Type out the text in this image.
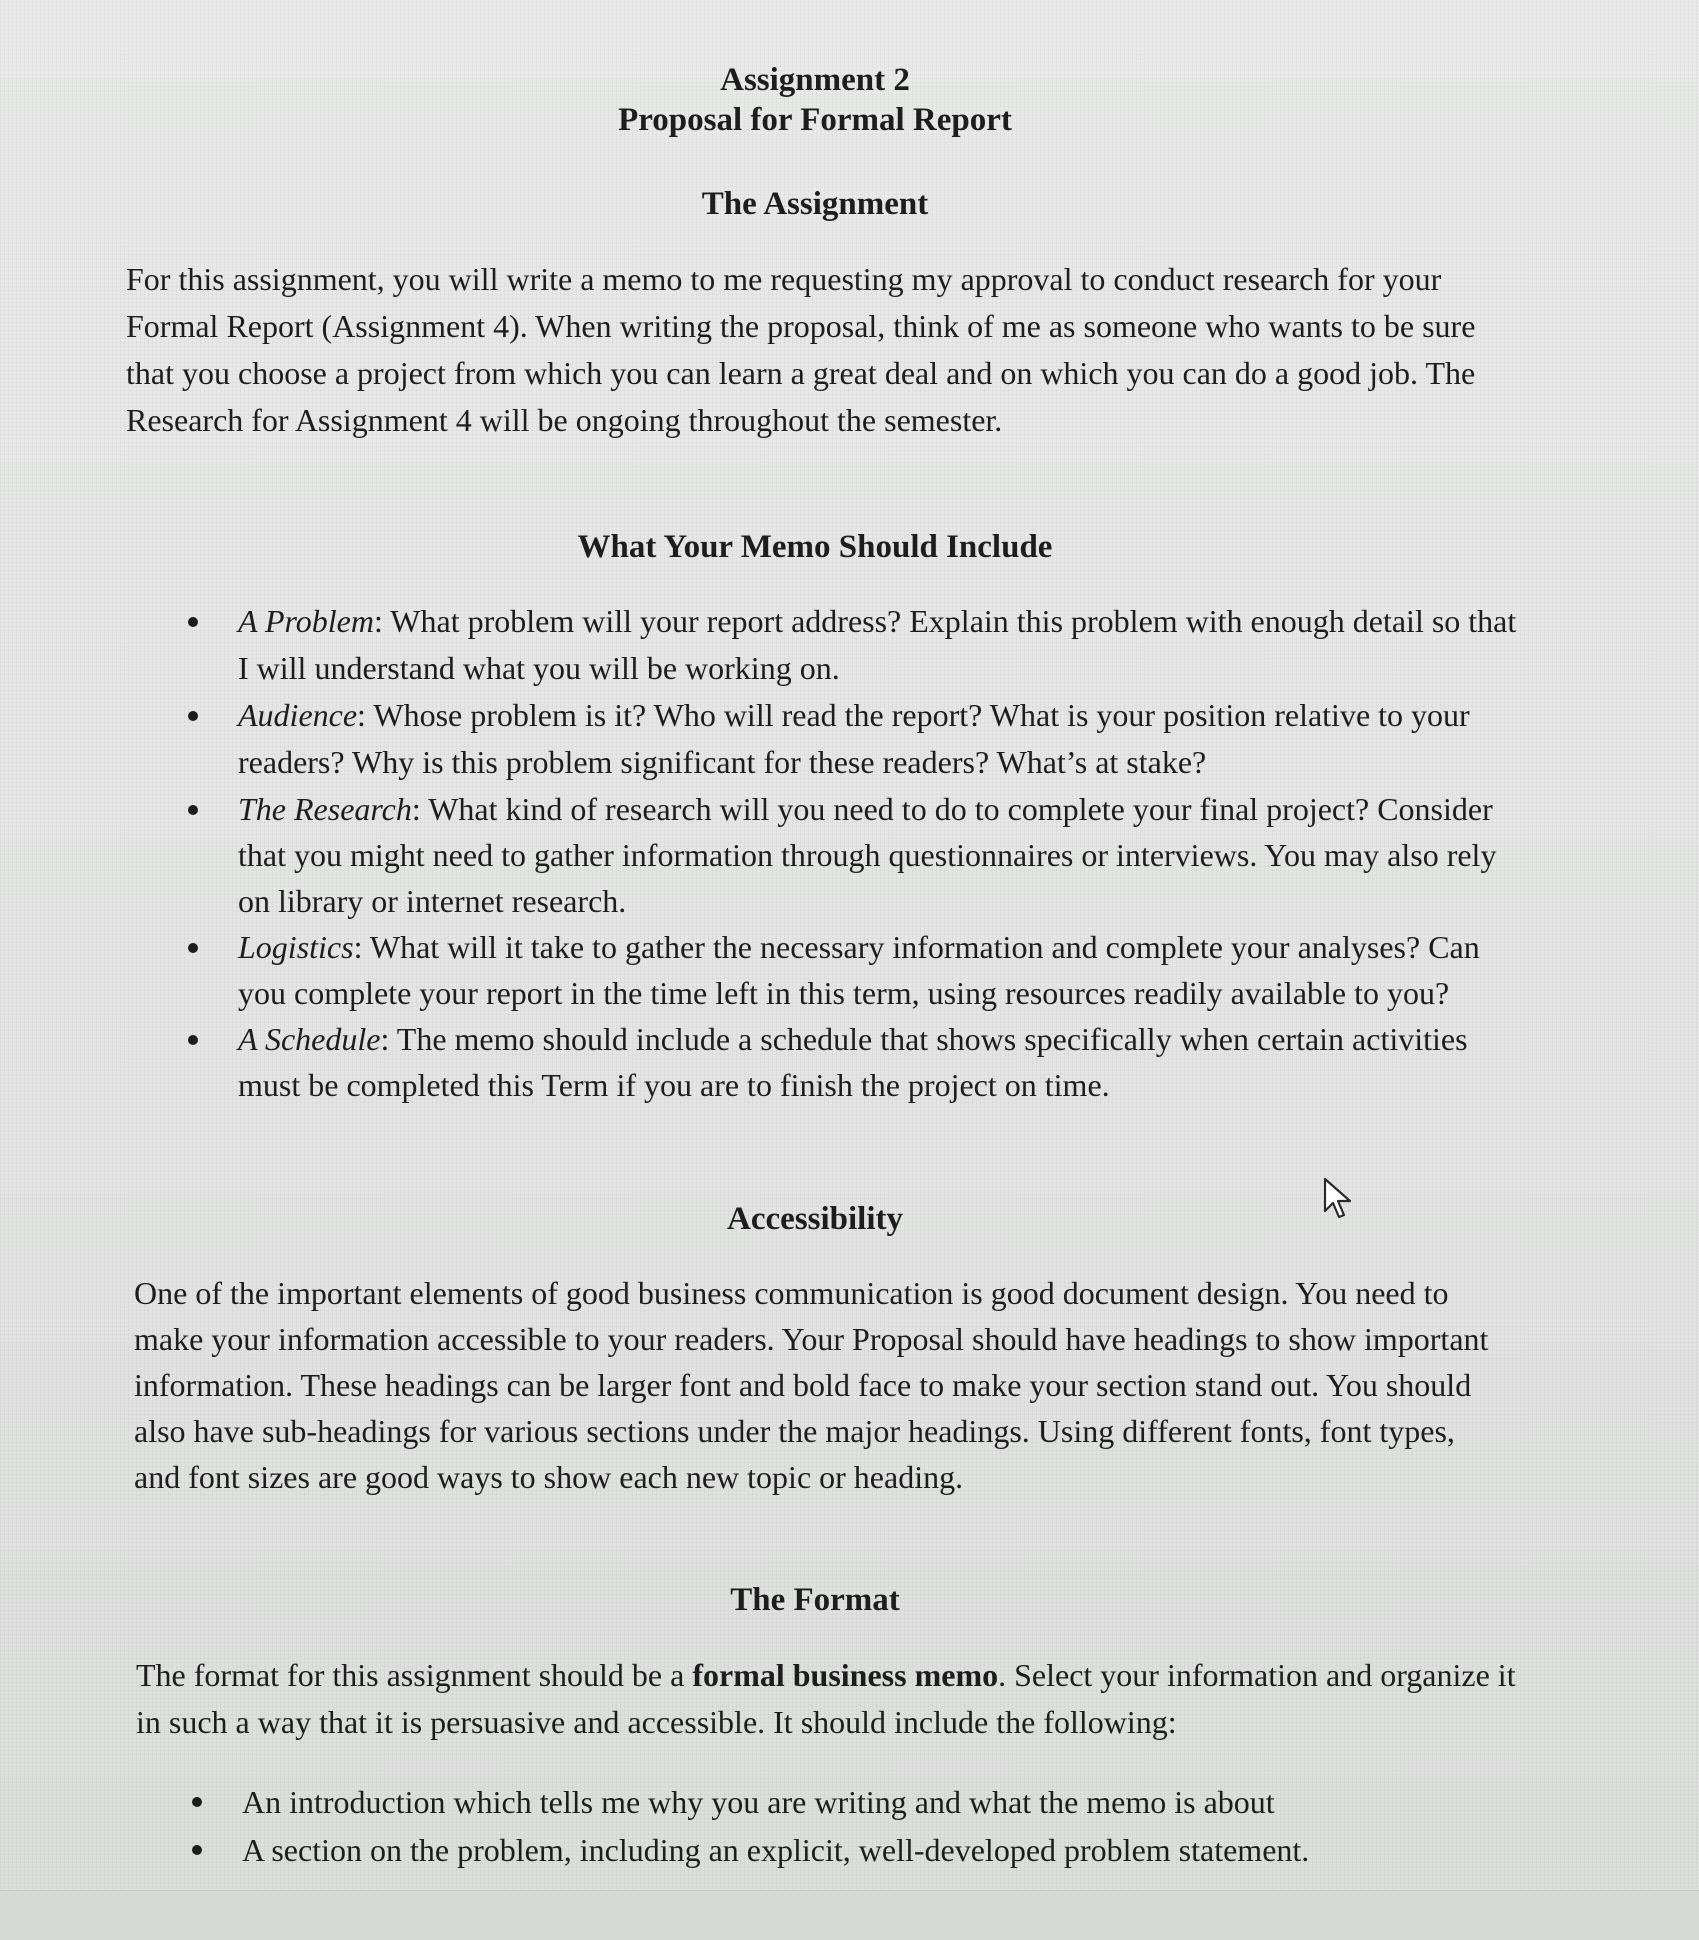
Assignment 2
Proposal for Formal Report
The Assignment

For this assignment, you will write a memo to me requesting my approval to conduct research for your Formal Report (Assignment 4). When writing the proposal, think of me as someone who wants to be sure that you choose a project from which you can learn a great deal and on which you can do a good job. The Research for Assignment 4 will be ongoing throughout the semester.

What Your Memo Should Include
A Problem: What problem will your report address? Explain this problem with enough detail so that I will understand what you will be working on.
Audience: Whose problem is it? Who will read the report? What is your position relative to your readers? Why is this problem significant for these readers? What’s at stake?
The Research: What kind of research will you need to do to complete your final project? Consider that you might need to gather information through questionnaires or interviews. You may also rely on library or internet research.
Logistics: What will it take to gather the necessary information and complete your analyses? Can you complete your report in the time left in this term, using resources readily available to you?
A Schedule: The memo should include a schedule that shows specifically when certain activities must be completed this Term if you are to finish the project on time.
Accessibility

One of the important elements of good business communication is good document design. You need to make your information accessible to your readers. Your Proposal should have headings to show important information. These headings can be larger font and bold face to make your section stand out. You should also have sub-headings for various sections under the major headings. Using different fonts, font types, and font sizes are good ways to show each new topic or heading.

The Format

The format for this assignment should be a formal business memo. Select your information and organize it in such a way that it is persuasive and accessible. It should include the following:

An introduction which tells me why you are writing and what the memo is about
A section on the problem, including an explicit, well-developed problem statement.
